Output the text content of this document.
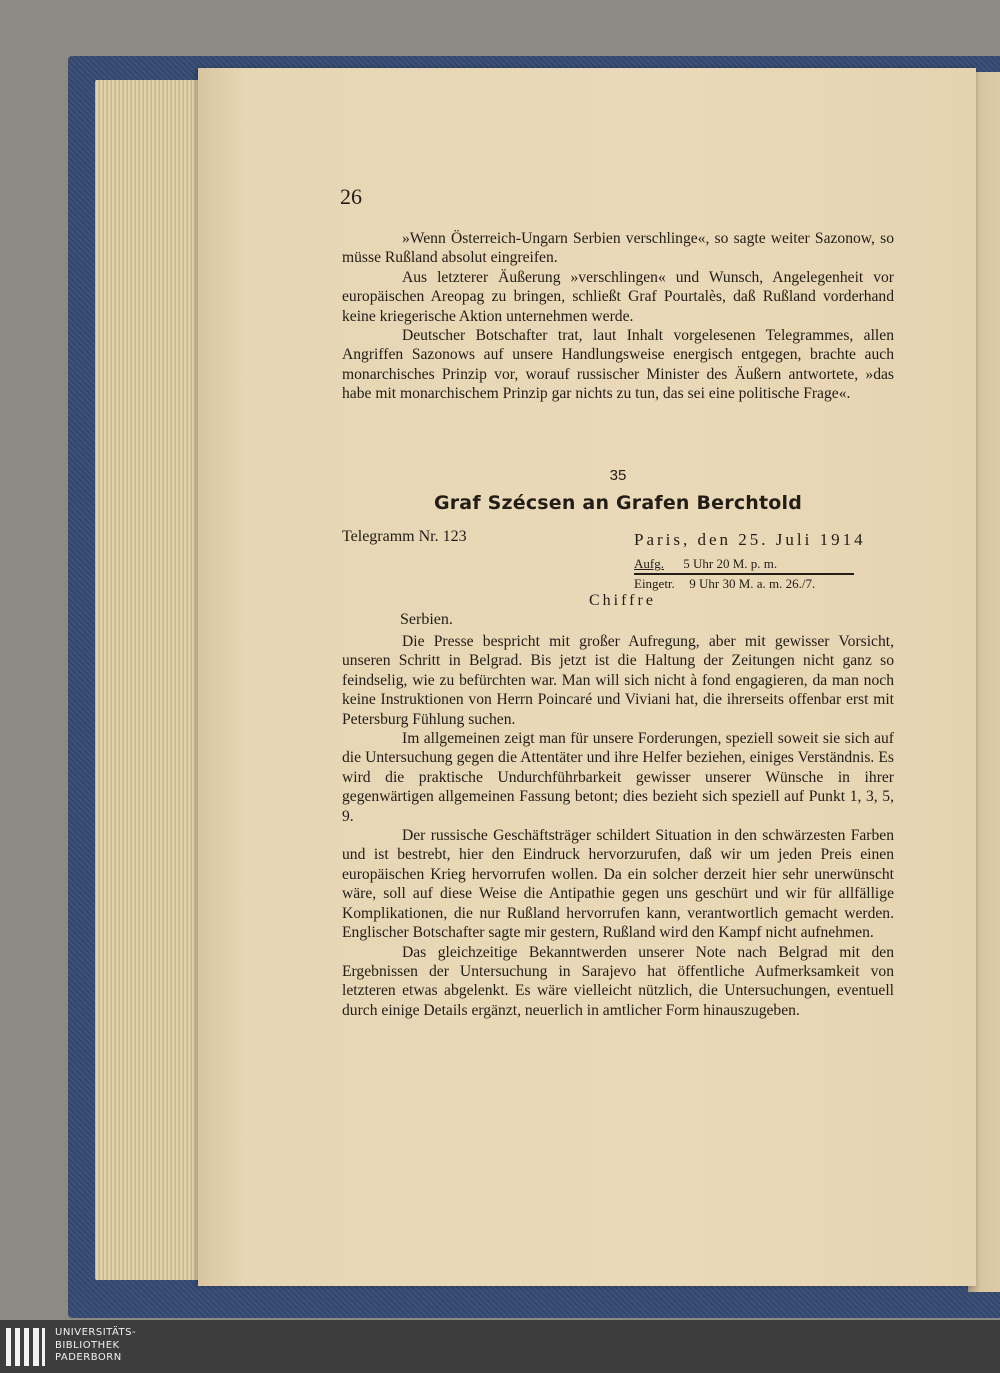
26

»Wenn Österreich-Ungarn Serbien verschlinge«, so sagte weiter Sazonow, so müsse Rußland absolut eingreifen.

Aus letzterer Äußerung »verschlingen« und Wunsch, Angelegenheit vor europäischen Areopag zu bringen, schließt Graf Pourtalès, daß Rußland vorderhand keine kriegerische Aktion unternehmen werde.

Deutscher Botschafter trat, laut Inhalt vorgelesenen Telegrammes, allen Angriffen Sazonows auf unsere Handlungsweise energisch entgegen, brachte auch monarchisches Prinzip vor, worauf russischer Minister des Äußern antwortete, »das habe mit monarchischem Prinzip gar nichts zu tun, das sei eine politische Frage«.

35
Graf Szécsen an Grafen Berchtold
Telegramm Nr. 123	Paris, den 25. Juli 1914
Aufg. 5 Uhr 20 M. p. m.
Eingetr. 9 Uhr 30 M. a. m. 26./7.
Chiffre
Serbien.

Die Presse bespricht mit großer Aufregung, aber mit gewisser Vorsicht, unseren Schritt in Belgrad. Bis jetzt ist die Haltung der Zeitungen nicht ganz so feindselig, wie zu befürchten war. Man will sich nicht à fond engagieren, da man noch keine Instruktionen von Herrn Poincaré und Viviani hat, die ihrerseits offenbar erst mit Petersburg Fühlung suchen.

Im allgemeinen zeigt man für unsere Forderungen, speziell soweit sie sich auf die Untersuchung gegen die Attentäter und ihre Helfer beziehen, einiges Verständnis. Es wird die praktische Undurchführbarkeit gewisser unserer Wünsche in ihrer gegenwärtigen allgemeinen Fassung betont; dies bezieht sich speziell auf Punkt 1, 3, 5, 9.

Der russische Geschäftsträger schildert Situation in den schwärzesten Farben und ist bestrebt, hier den Eindruck hervorzurufen, daß wir um jeden Preis einen europäischen Krieg hervorrufen wollen. Da ein solcher derzeit hier sehr unerwünscht wäre, soll auf diese Weise die Antipathie gegen uns geschürt und wir für allfällige Komplikationen, die nur Rußland hervorrufen kann, verantwortlich gemacht werden. Englischer Botschafter sagte mir gestern, Rußland wird den Kampf nicht aufnehmen.

Das gleichzeitige Bekanntwerden unserer Note nach Belgrad mit den Ergebnissen der Untersuchung in Sarajevo hat öffentliche Aufmerksamkeit von letzteren etwas abgelenkt. Es wäre vielleicht nützlich, die Untersuchungen, eventuell durch einige Details ergänzt, neuerlich in amtlicher Form hinauszugeben.

UNIVERSITÄTS-
BIBLIOTHEK
PADERBORN
